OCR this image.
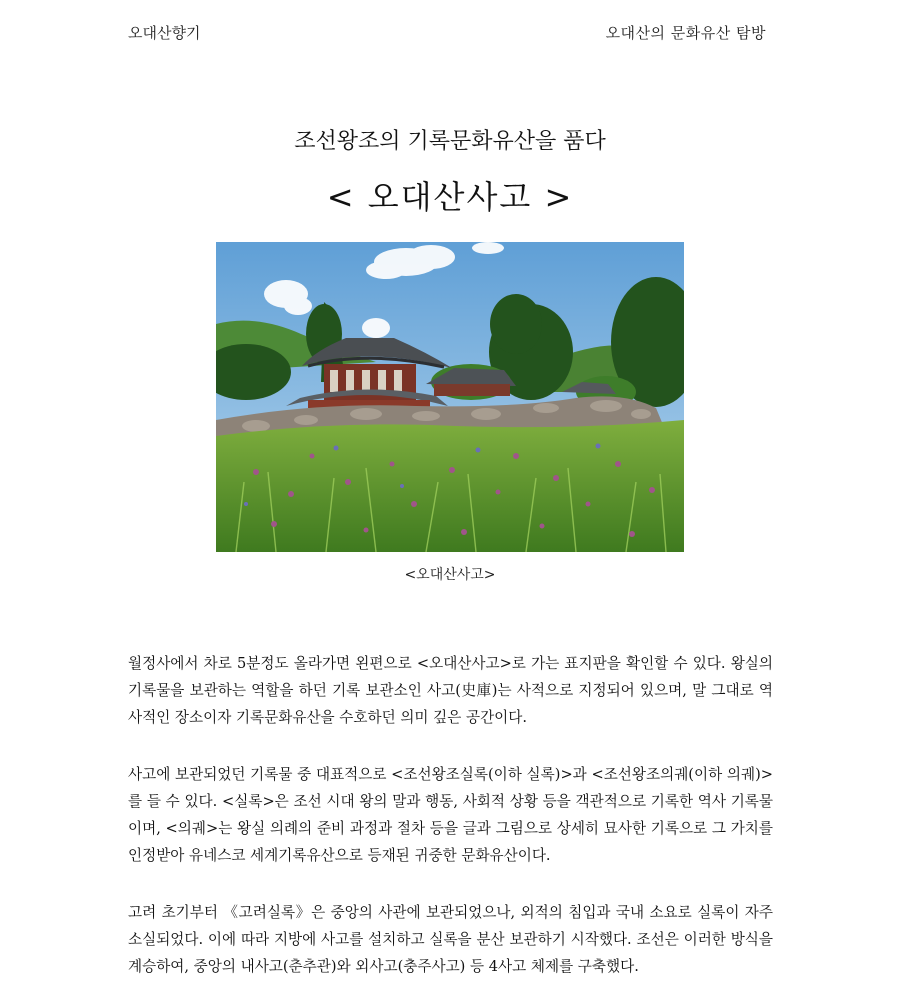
오대산향기	오대산의 문화유산 탐방
조선왕조의 기록문화유산을 품다
< 오대산사고 >
<오대산사고>

월정사에서 차로 5분정도 올라가면 왼편으로 <오대산사고>로 가는 표지판을 확인할 수 있다. 왕실의 기록물을 보관하는 역할을 하던 기록 보관소인 사고(史庫)는 사적으로 지정되어 있으며, 말 그대로 역사적인 장소이자 기록문화유산을 수호하던 의미 깊은 공간이다.

사고에 보관되었던 기록물 중 대표적으로 <조선왕조실록(이하 실록)>과 <조선왕조의궤(이하 의궤)>를 들 수 있다. <실록>은 조선 시대 왕의 말과 행동, 사회적 상황 등을 객관적으로 기록한 역사 기록물이며, <의궤>는 왕실 의례의 준비 과정과 절차 등을 글과 그림으로 상세히 묘사한 기록으로 그 가치를 인정받아 유네스코 세계기록유산으로 등재된 귀중한 문화유산이다.

고려 초기부터 《고려실록》은 중앙의 사관에 보관되었으나, 외적의 침입과 국내 소요로 실록이 자주 소실되었다. 이에 따라 지방에 사고를 설치하고 실록을 분산 보관하기 시작했다. 조선은 이러한 방식을 계승하여, 중앙의 내사고(춘추관)와 외사고(충주사고) 등 4사고 체제를 구축했다.
